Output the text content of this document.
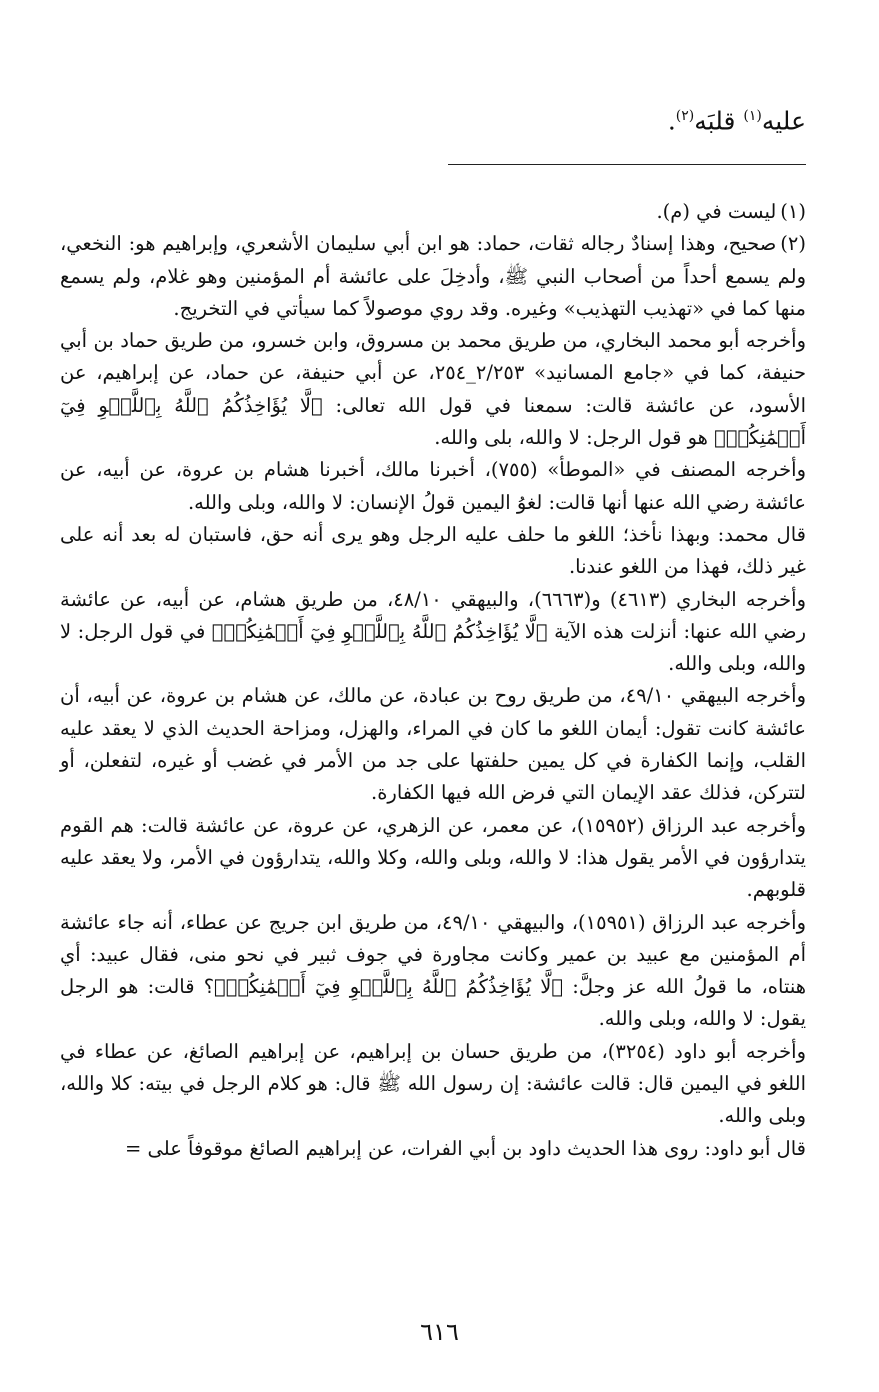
عليه$^{(١)}$ قلبَه$^{(٢)}$.

(١)ليست في (م).

(٢)صحيح، وهذا إسنادٌ رجاله ثقات، حماد: هو ابن أبي سليمان الأشعري، وإبراهيم هو: النخعي، ولم يسمع أحداً من أصحاب النبي ﷺ، وأدخِلَ على عائشة أم المؤمنين وهو غلام، ولم يسمع منها كما في «تهذيب التهذيب» وغيره. وقد روي موصولاً كما سيأتي في التخريج.

وأخرجه أبو محمد البخاري، من طريق محمد بن مسروق، وابن خسرو، من طريق حماد بن أبي حنيفة، كما في «جامع المسانيد» ٢/٢٥٣_٢٥٤، عن أبي حنيفة، عن حماد، عن إبراهيم، عن الأسود، عن عائشة قالت: سمعنا في قول الله تعالى: ﴿لَّا يُؤَاخِذُكُمُ ٱللَّهُ بِٱللَّغۡوِ فِيٓ أَيۡمَٰنِكُمۡ﴾ هو قول الرجل: لا والله، بلى والله.

وأخرجه المصنف في «الموطأ» (٧٥٥)، أخبرنا مالك، أخبرنا هشام بن عروة، عن أبيه، عن عائشة رضي الله عنها أنها قالت: لغوُ اليمين قولُ الإنسان: لا والله، وبلى والله.

قال محمد: وبهذا نأخذ؛ اللغو ما حلف عليه الرجل وهو يرى أنه حق، فاستبان له بعد أنه على غير ذلك، فهذا من اللغو عندنا.

وأخرجه البخاري (٤٦١٣) و(٦٦٦٣)، والبيهقي ٤٨/١٠، من طريق هشام، عن أبيه، عن عائشة رضي الله عنها: أنزلت هذه الآية ﴿لَّا يُؤَاخِذُكُمُ ٱللَّهُ بِٱللَّغۡوِ فِيٓ أَيۡمَٰنِكُمۡ﴾ في قول الرجل: لا والله، وبلى والله.

وأخرجه البيهقي ٤٩/١٠، من طريق روح بن عبادة، عن مالك، عن هشام بن عروة، عن أبيه، أن عائشة كانت تقول: أيمان اللغو ما كان في المراء، والهزل، ومزاحة الحديث الذي لا يعقد عليه القلب، وإنما الكفارة في كل يمين حلفتها على جد من الأمر في غضب أو غيره، لتفعلن، أو لتتركن، فذلك عقد الإيمان التي فرض الله فيها الكفارة.

وأخرجه عبد الرزاق (١٥٩٥٢)، عن معمر، عن الزهري، عن عروة، عن عائشة قالت: هم القوم يتدارؤون في الأمر يقول هذا: لا والله، وبلى والله، وكلا والله، يتدارؤون في الأمر، ولا يعقد عليه قلوبهم.

وأخرجه عبد الرزاق (١٥٩٥١)، والبيهقي ٤٩/١٠، من طريق ابن جريج عن عطاء، أنه جاء عائشة أم المؤمنين مع عبيد بن عمير وكانت مجاورة في جوف ثبير في نحو منى، فقال عبيد: أي هنتاه، ما قولُ الله عز وجلَّ: ﴿لَّا يُؤَاخِذُكُمُ ٱللَّهُ بِٱللَّغۡوِ فِيٓ أَيۡمَٰنِكُمۡ﴾؟ قالت: هو الرجل يقول: لا والله، وبلى والله.

وأخرجه أبو داود (٣٢٥٤)، من طريق حسان بن إبراهيم، عن إبراهيم الصائغ، عن عطاء في اللغو في اليمين قال: قالت عائشة: إن رسول الله ﷺ قال: هو كلام الرجل في بيته: كلا والله، وبلى والله.

قال أبو داود: روى هذا الحديث داود بن أبي الفرات، عن إبراهيم الصائغ موقوفاً على =

٦١٦
